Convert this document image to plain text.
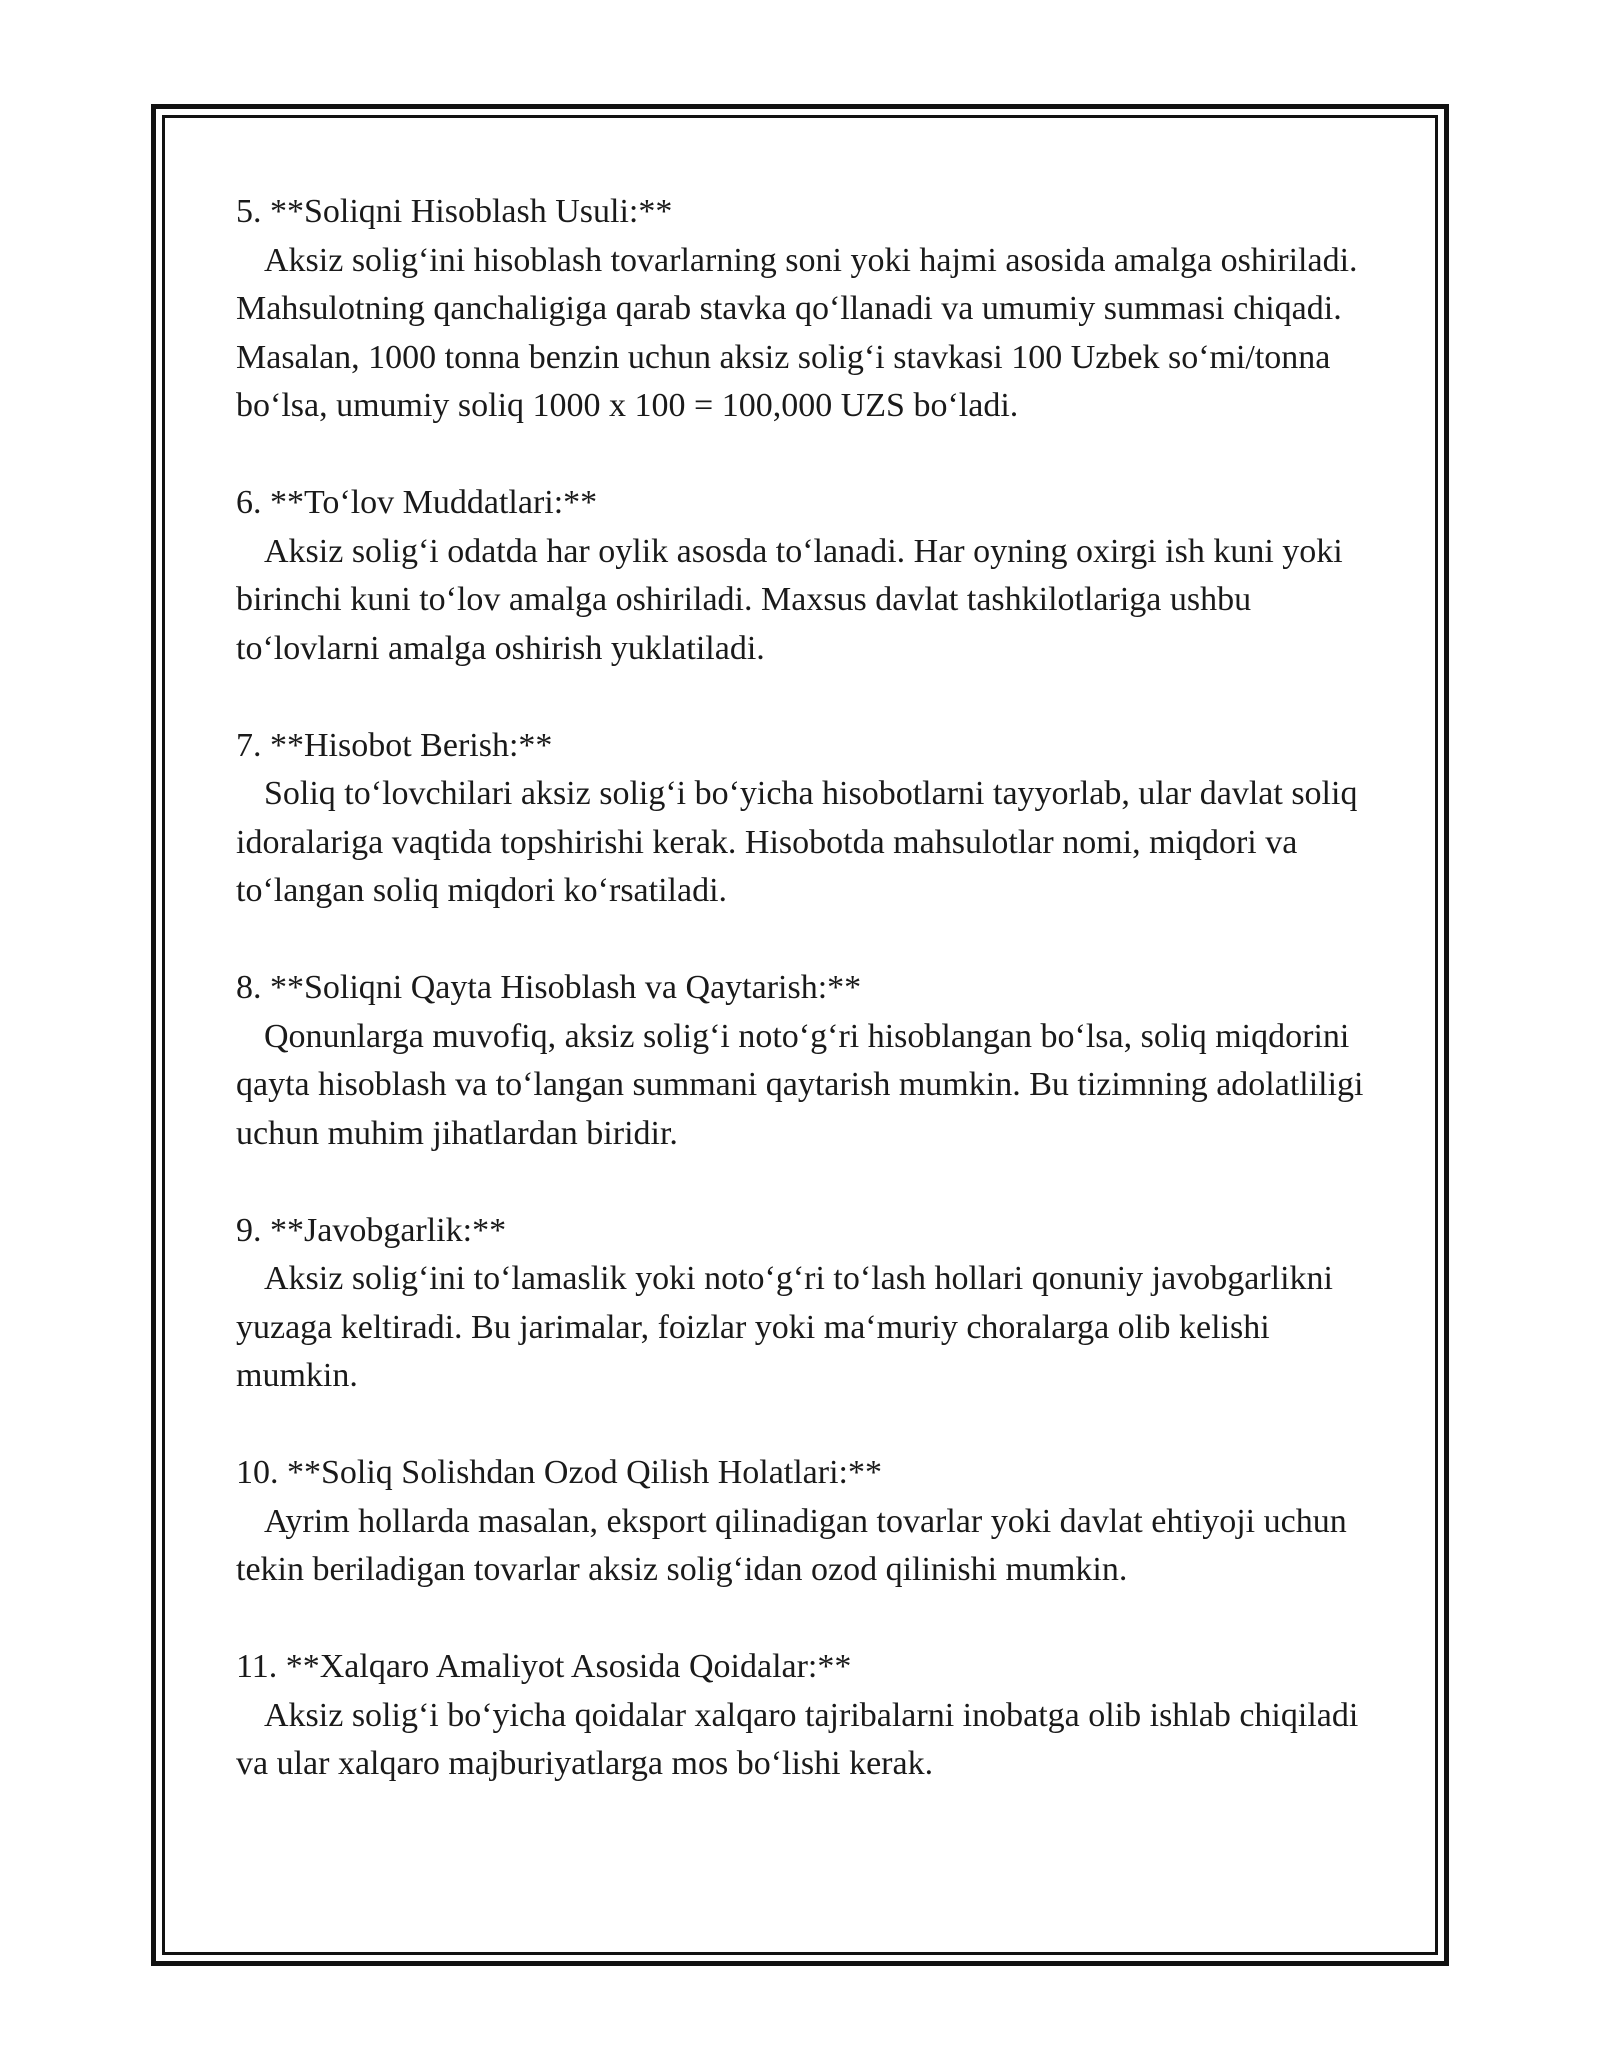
5. **Soliqni Hisoblash Usuli:**

Aksiz solig‘ini hisoblash tovarlarning soni yoki hajmi asosida amalga oshiriladi. Mahsulotning qanchaligiga qarab stavka qo‘llanadi va umumiy summasi chiqadi. Masalan, 1000 tonna benzin uchun aksiz solig‘i stavkasi 100 Uzbek so‘mi/tonna bo‘lsa, umumiy soliq 1000 x 100 = 100,000 UZS bo‘ladi.

6. **To‘lov Muddatlari:**

Aksiz solig‘i odatda har oylik asosda to‘lanadi. Har oyning oxirgi ish kuni yoki birinchi kuni to‘lov amalga oshiriladi. Maxsus davlat tashkilotlariga ushbu to‘lovlarni amalga oshirish yuklatiladi.

7. **Hisobot Berish:**

Soliq to‘lovchilari aksiz solig‘i bo‘yicha hisobotlarni tayyorlab, ular davlat soliq idoralariga vaqtida topshirishi kerak. Hisobotda mahsulotlar nomi, miqdori va to‘langan soliq miqdori ko‘rsatiladi.

8. **Soliqni Qayta Hisoblash va Qaytarish:**

Qonunlarga muvofiq, aksiz solig‘i noto‘g‘ri hisoblangan bo‘lsa, soliq miqdorini qayta hisoblash va to‘langan summani qaytarish mumkin. Bu tizimning adolatliligi uchun muhim jihatlardan biridir.

9. **Javobgarlik:**

Aksiz solig‘ini to‘lamaslik yoki noto‘g‘ri to‘lash hollari qonuniy javobgarlikni yuzaga keltiradi. Bu jarimalar, foizlar yoki ma‘muriy choralarga olib kelishi mumkin.

10. **Soliq Solishdan Ozod Qilish Holatlari:**

Ayrim hollarda masalan, eksport qilinadigan tovarlar yoki davlat ehtiyoji uchun tekin beriladigan tovarlar aksiz solig‘idan ozod qilinishi mumkin.

11. **Xalqaro Amaliyot Asosida Qoidalar:**

Aksiz solig‘i bo‘yicha qoidalar xalqaro tajribalarni inobatga olib ishlab chiqiladi va ular xalqaro majburiyatlarga mos bo‘lishi kerak.
